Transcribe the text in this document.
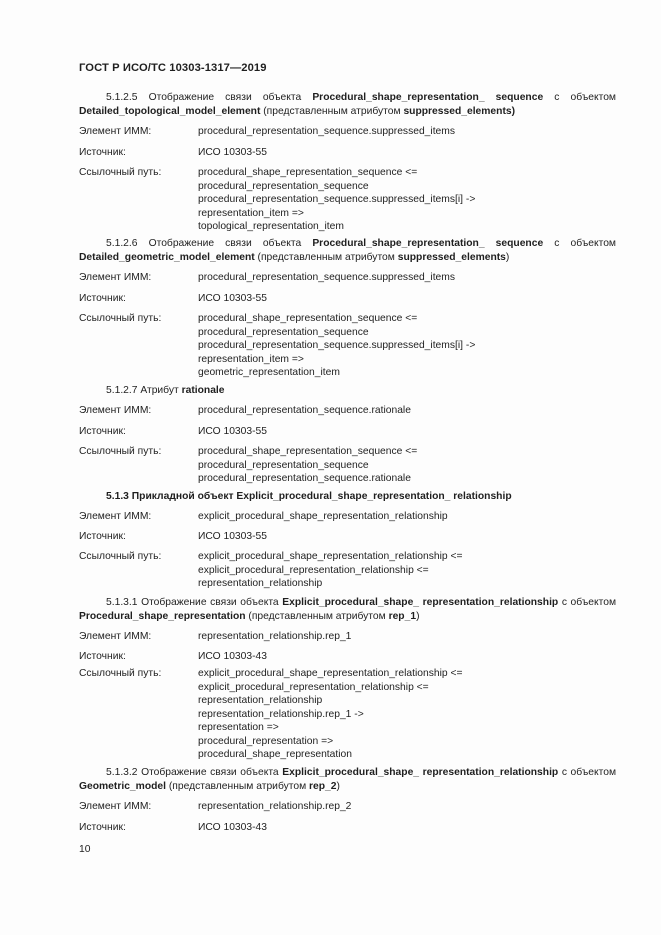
ГОСТ Р ИСО/ТС 10303-1317—2019
5.1.2.5 Отображение связи объекта Procedural_shape_representation_ sequence с объектом Detailed_topological_model_element (представленным атрибутом suppressed_elements)
Элемент ИММ:	procedural_representation_sequence.suppressed_items
Источник:	ИСО 10303-55
Ссылочный путь:	procedural_shape_representation_sequence <=
procedural_representation_sequence
procedural_representation_sequence.suppressed_items[i] ->
representation_item =>
topological_representation_item
5.1.2.6 Отображение связи объекта Procedural_shape_representation_ sequence с объектом Detailed_geometric_model_element (представленным атрибутом suppressed_elements)
Элемент ИММ:	procedural_representation_sequence.suppressed_items
Источник:	ИСО 10303-55
Ссылочный путь:	procedural_shape_representation_sequence <=
procedural_representation_sequence
procedural_representation_sequence.suppressed_items[i] ->
representation_item =>
geometric_representation_item
5.1.2.7 Атрибут rationale
Элемент ИММ:	procedural_representation_sequence.rationale
Источник:	ИСО 10303-55
Ссылочный путь:	procedural_shape_representation_sequence <=
procedural_representation_sequence
procedural_representation_sequence.rationale
5.1.3 Прикладной объект Explicit_procedural_shape_representation_ relationship
Элемент ИММ:	explicit_procedural_shape_representation_relationship
Источник:	ИСО 10303-55
Ссылочный путь:	explicit_procedural_shape_representation_relationship <=
explicit_procedural_representation_relationship <=
representation_relationship
5.1.3.1 Отображение связи объекта Explicit_procedural_shape_ representation_relationship с объектом Procedural_shape_representation (представленным атрибутом rep_1)
Элемент ИММ:	representation_relationship.rep_1
Источник:	ИСО 10303-43
Ссылочный путь:	explicit_procedural_shape_representation_relationship <=
explicit_procedural_representation_relationship <=
representation_relationship
representation_relationship.rep_1 ->
representation =>
procedural_representation =>
procedural_shape_representation
5.1.3.2 Отображение связи объекта Explicit_procedural_shape_ representation_relationship с объектом Geometric_model (представленным атрибутом rep_2)
Элемент ИММ:	representation_relationship.rep_2
Источник:	ИСО 10303-43
10
